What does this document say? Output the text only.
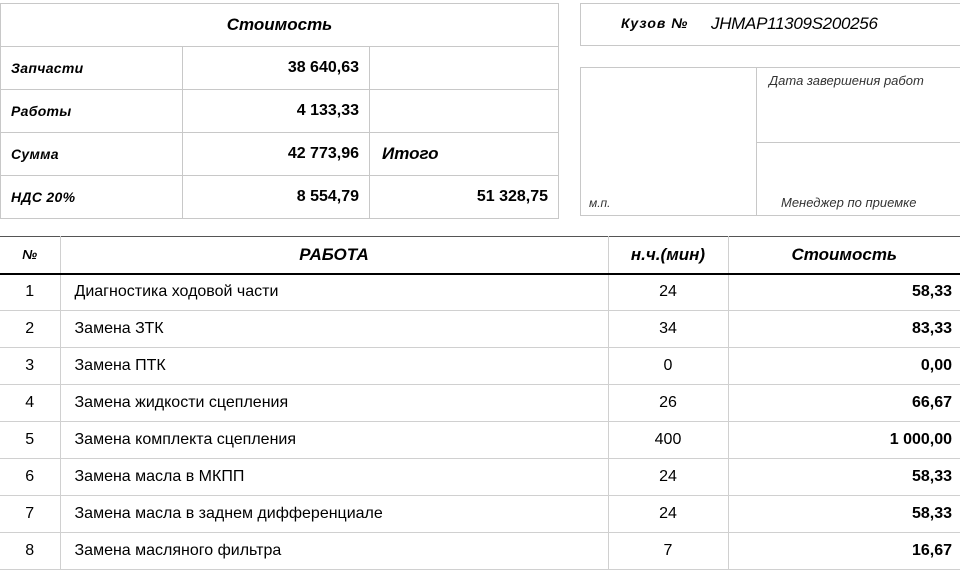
Стоимость		
Запчасти	38 640,63	
Работы	4 133,33	
Сумма	42 773,96	Итого
НДС 20%	8 554,79	51 328,75
Кузов № JHMAP11309S200256
м.п.
Дата завершения работ
Менеджер по приемке
№	РАБОТА	н.ч.(мин)	Стоимость
1	Диагностика ходовой части	24	58,33
2	Замена ЗТК	34	83,33
3	Замена ПТК	0	0,00
4	Замена жидкости сцепления	26	66,67
5	Замена комплекта сцепления	400	1 000,00
6	Замена масла в МКПП	24	58,33
7	Замена масла в заднем дифференциале	24	58,33
8	Замена масляного фильтра	7	16,67
